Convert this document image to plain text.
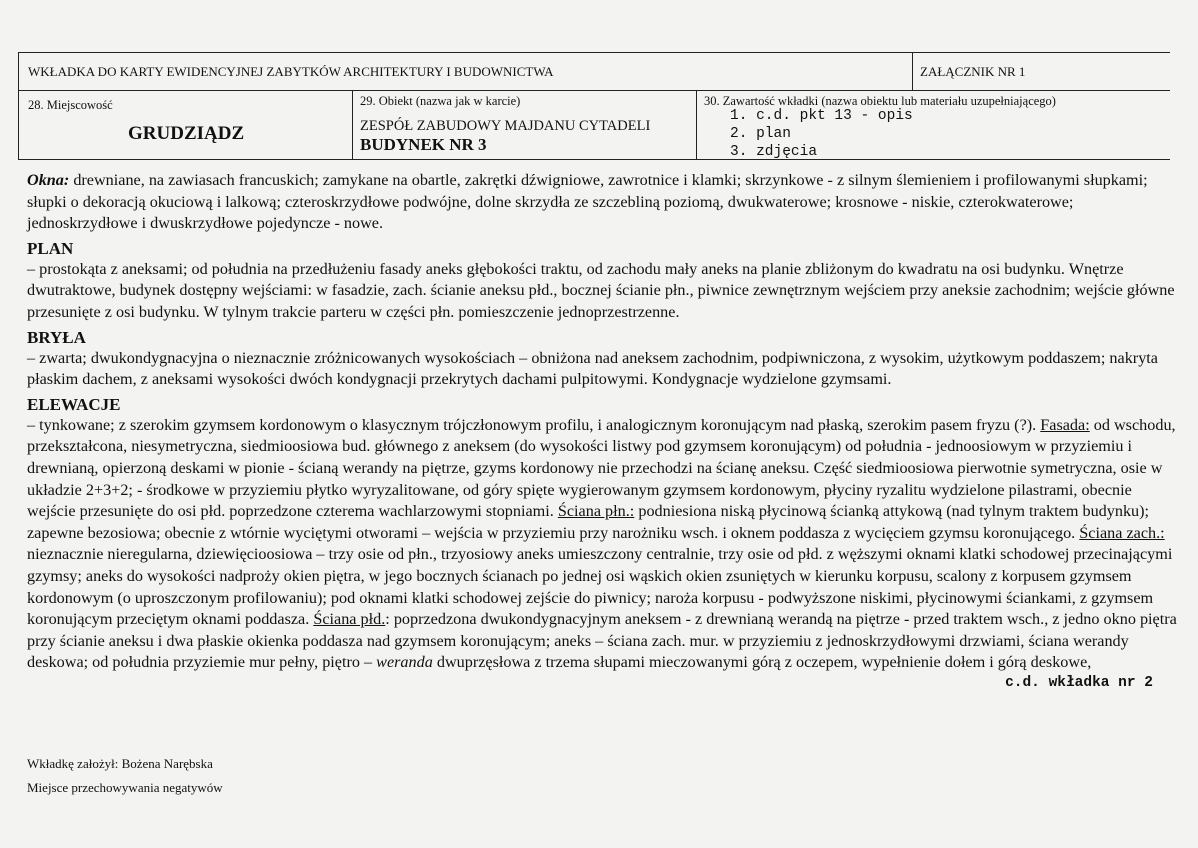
WKŁADKA DO KARTY EWIDENCYJNEJ ZABYTKÓW ARCHITEKTURY I BUDOWNICTWA	ZAŁĄCZNIK NR 1
28. Miejscowość
GRUDZIĄDZ
29. Obiekt (nazwa jak w karcie)
ZESPÓŁ ZABUDOWY MAJDANU CYTADELI
BUDYNEK NR 3
30. Zawartość wkładki (nazwa obiektu lub materiału uzupełniającego)
1. c.d. pkt 13 - opis
2. plan
3. zdjęcia

Okna: drewniane, na zawiasach francuskich; zamykane na obartle, zakrętki dźwigniowe, zawrotnice i klamki; skrzynkowe - z silnym ślemieniem i profilowanymi słupkami; słupki o dekoracją okuciową i lalkową; czteroskrzydłowe podwójne, dolne skrzydła ze szczebliną poziomą, dwukwaterowe; krosnowe - niskie, czterokwaterowe; jednoskrzydłowe i dwuskrzydłowe pojedyncze - nowe.

PLAN

– prostokąta z aneksami; od południa na przedłużeniu fasady aneks głębokości traktu, od zachodu mały aneks na planie zbliżonym do kwadratu na osi budynku. Wnętrze dwutraktowe, budynek dostępny wejściami: w fasadzie, zach. ścianie aneksu płd., bocznej ścianie płn., piwnice zewnętrznym wejściem przy aneksie zachodnim; wejście główne przesunięte z osi budynku. W tylnym trakcie parteru w części płn. pomieszczenie jednoprzestrzenne.

BRYŁA

– zwarta; dwukondygnacyjna o nieznacznie zróżnicowanych wysokościach – obniżona nad aneksem zachodnim, podpiwniczona, z wysokim, użytkowym poddaszem; nakryta płaskim dachem, z aneksami wysokości dwóch kondygnacji przekrytych dachami pulpitowymi. Kondygnacje wydzielone gzymsami.

ELEWACJE

– tynkowane; z szerokim gzymsem kordonowym o klasycznym trójczłonowym profilu, i analogicznym koronującym nad płaską, szerokim pasem fryzu (?). Fasada: od wschodu, przekształcona, niesymetryczna, siedmioosiowa bud. głównego z aneksem (do wysokości listwy pod gzymsem koronującym) od południa - jednoosiowym w przyziemiu i drewnianą, opierzoną deskami w pionie - ścianą werandy na piętrze, gzyms kordonowy nie przechodzi na ścianę aneksu. Część siedmioosiowa pierwotnie symetryczna, osie w układzie 2+3+2; - środkowe w przyziemiu płytko wyryzalitowane, od góry spięte wygierowanym gzymsem kordonowym, płyciny ryzalitu wydzielone pilastrami, obecnie wejście przesunięte do osi płd. poprzedzone czterema wachlarzowymi stopniami. Ściana płn.: podniesiona niską płycinową ścianką attykową (nad tylnym traktem budynku); zapewne bezosiowa; obecnie z wtórnie wyciętymi otworami – wejścia w przyziemiu przy narożniku wsch. i oknem poddasza z wycięciem gzymsu koronującego. Ściana zach.: nieznacznie nieregularna, dziewięcioosiowa – trzy osie od płn., trzyosiowy aneks umieszczony centralnie, trzy osie od płd. z węższymi oknami klatki schodowej przecinającymi gzymsy; aneks do wysokości nadproży okien piętra, w jego bocznych ścianach po jednej osi wąskich okien zsuniętych w kierunku korpusu, scalony z korpusem gzymsem kordonowym (o uproszczonym profilowaniu); pod oknami klatki schodowej zejście do piwnicy; naroża korpusu - podwyższone niskimi, płycinowymi ściankami, z gzymsem koronującym przeciętym oknami poddasza. Ściana płd.: poprzedzona dwukondygnacyjnym aneksem - z drewnianą werandą na piętrze - przed traktem wsch., z jedno okno piętra przy ścianie aneksu i dwa płaskie okienka poddasza nad gzymsem koronującym; aneks – ściana zach. mur. w przyziemiu z jednoskrzydłowymi drzwiami, ściana werandy deskowa; od południa przyziemie mur pełny, piętro – weranda dwuprzęsłowa z trzema słupami mieczowanymi górą z oczepem, wypełnienie dołem i górą deskowe,

c.d. wkładka nr 2

Wkładkę założył: Bożena Narębska
Miejsce przechowywania negatywów
